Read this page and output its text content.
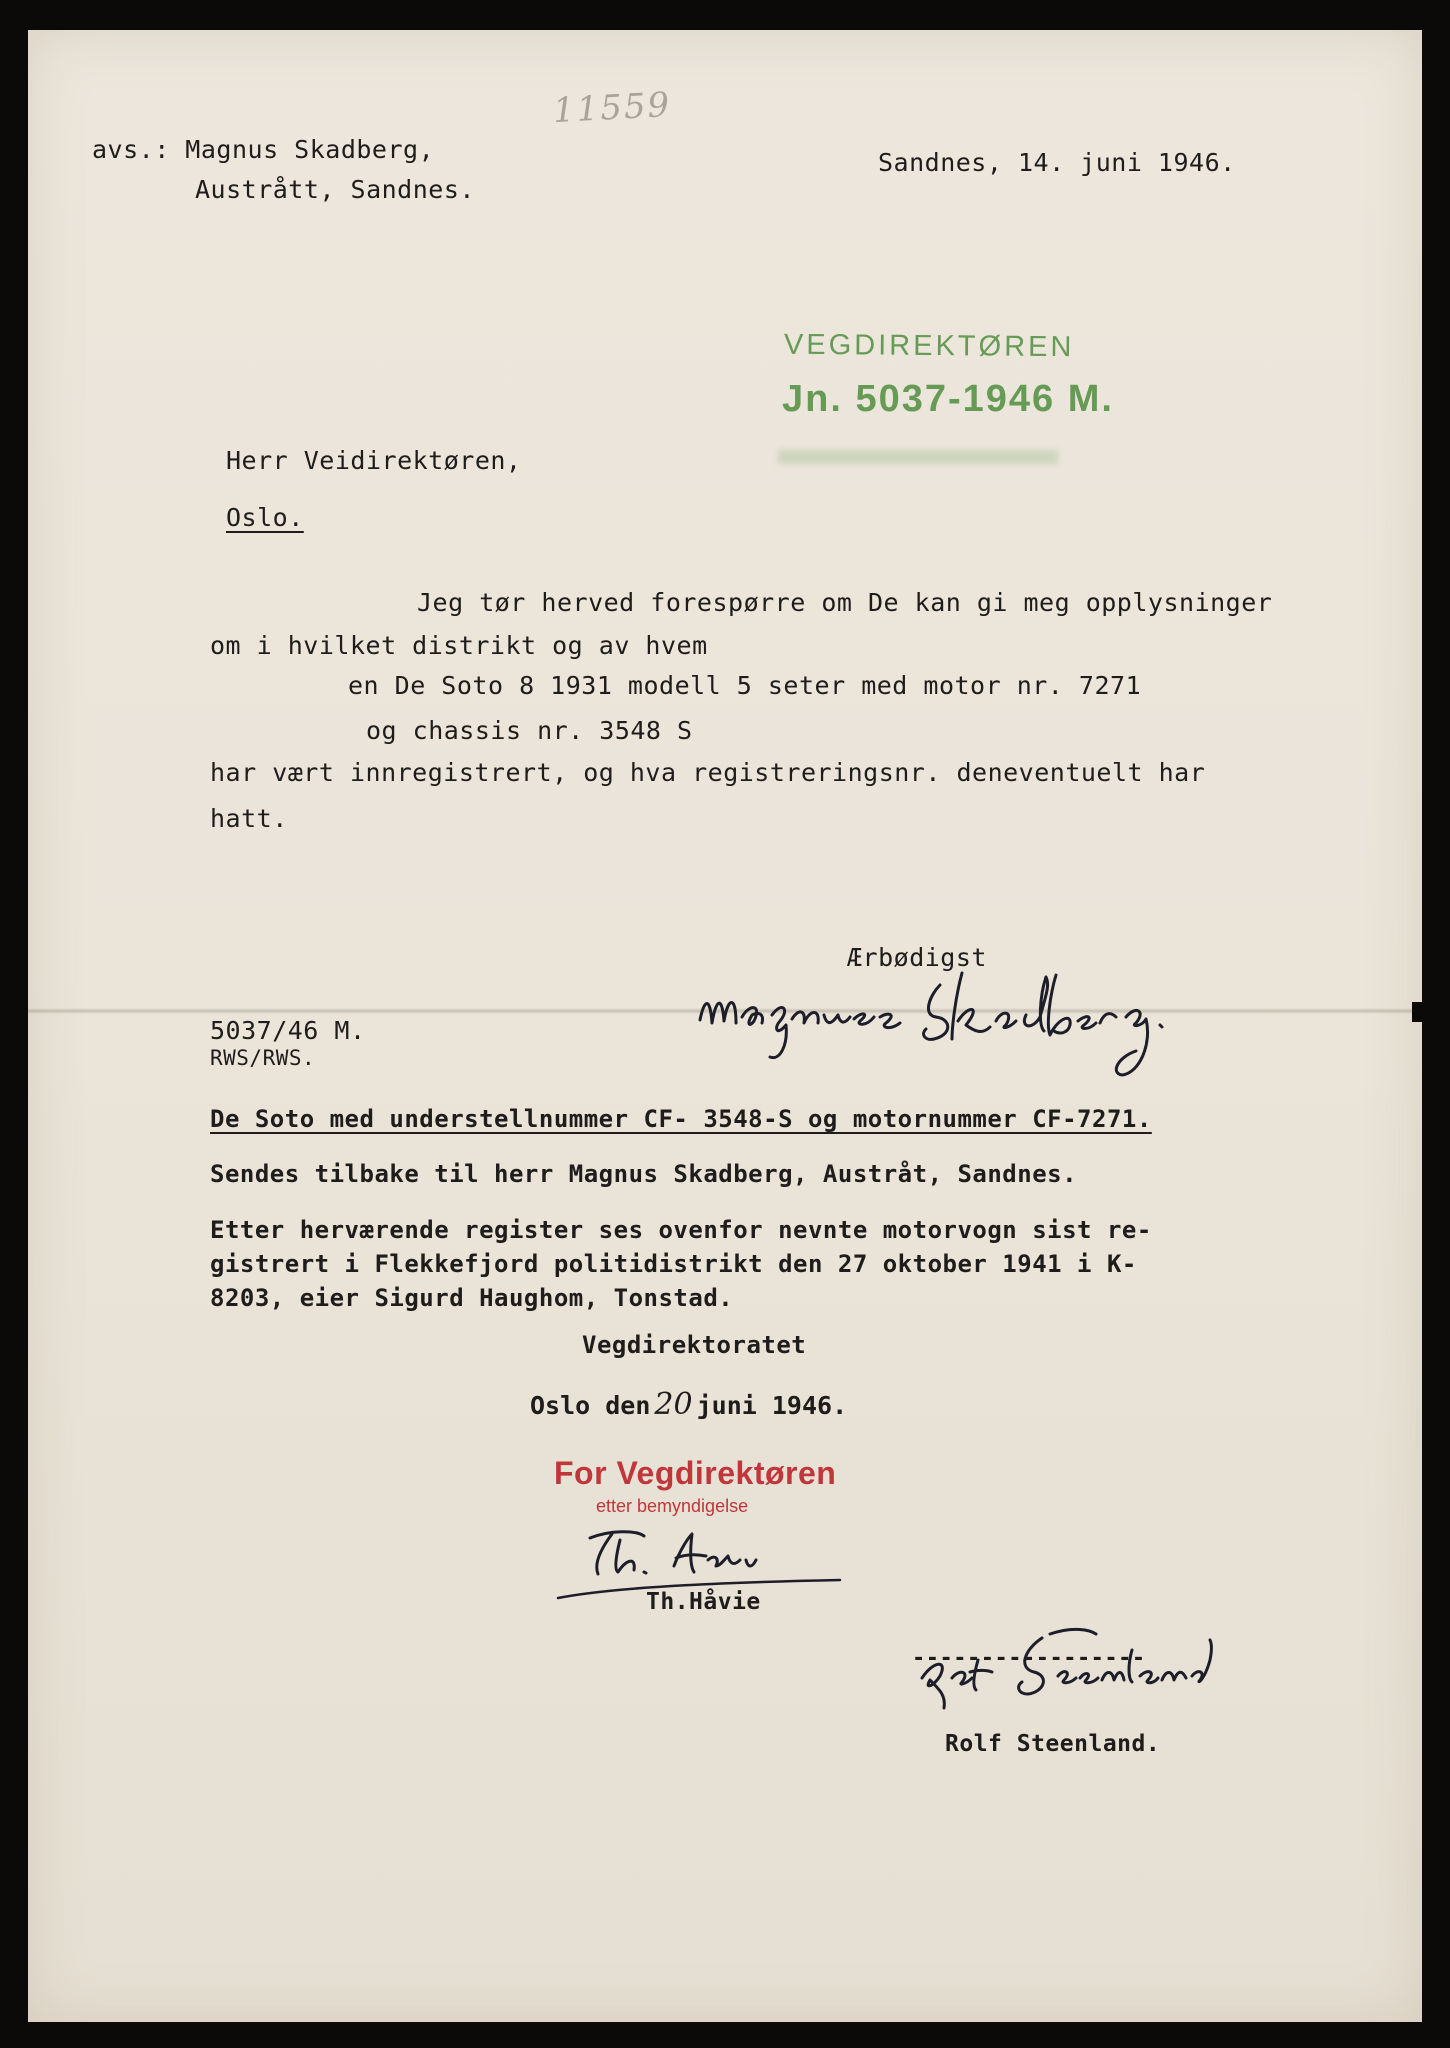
11559
avs.: Magnus Skadberg,
Austrått, Sandnes.
Sandnes, 14. juni 1946.
VEGDIREKTØREN
Jn. 5037-1946 M.
Herr Veidirektøren,
Oslo.
Jeg tør herved forespørre om De kan gi meg opplysninger
om i hvilket distrikt og av hvem
en De Soto 8 1931 modell 5 seter med motor nr. 7271
og chassis nr. 3548 S
har vært innregistrert, og hva registreringsnr. deneventuelt har
hatt.
Ærbødigst
5037/46 M.
RWS/RWS.
De Soto med understellnummer CF- 3548-S og motornummer CF-7271.
Sendes tilbake til herr Magnus Skadberg, Austråt, Sandnes.
Etter herværende register ses ovenfor nevnte motorvogn sist re-
gistrert i Flekkefjord politidistrikt den 27 oktober 1941 i K-
8203, eier Sigurd Haughom, Tonstad.
Vegdirektoratet
Oslo den 20 juni 1946.
For Vegdirektøren
etter bemyndigelse
Th.Håvie
-----------------
Rolf Steenland.
